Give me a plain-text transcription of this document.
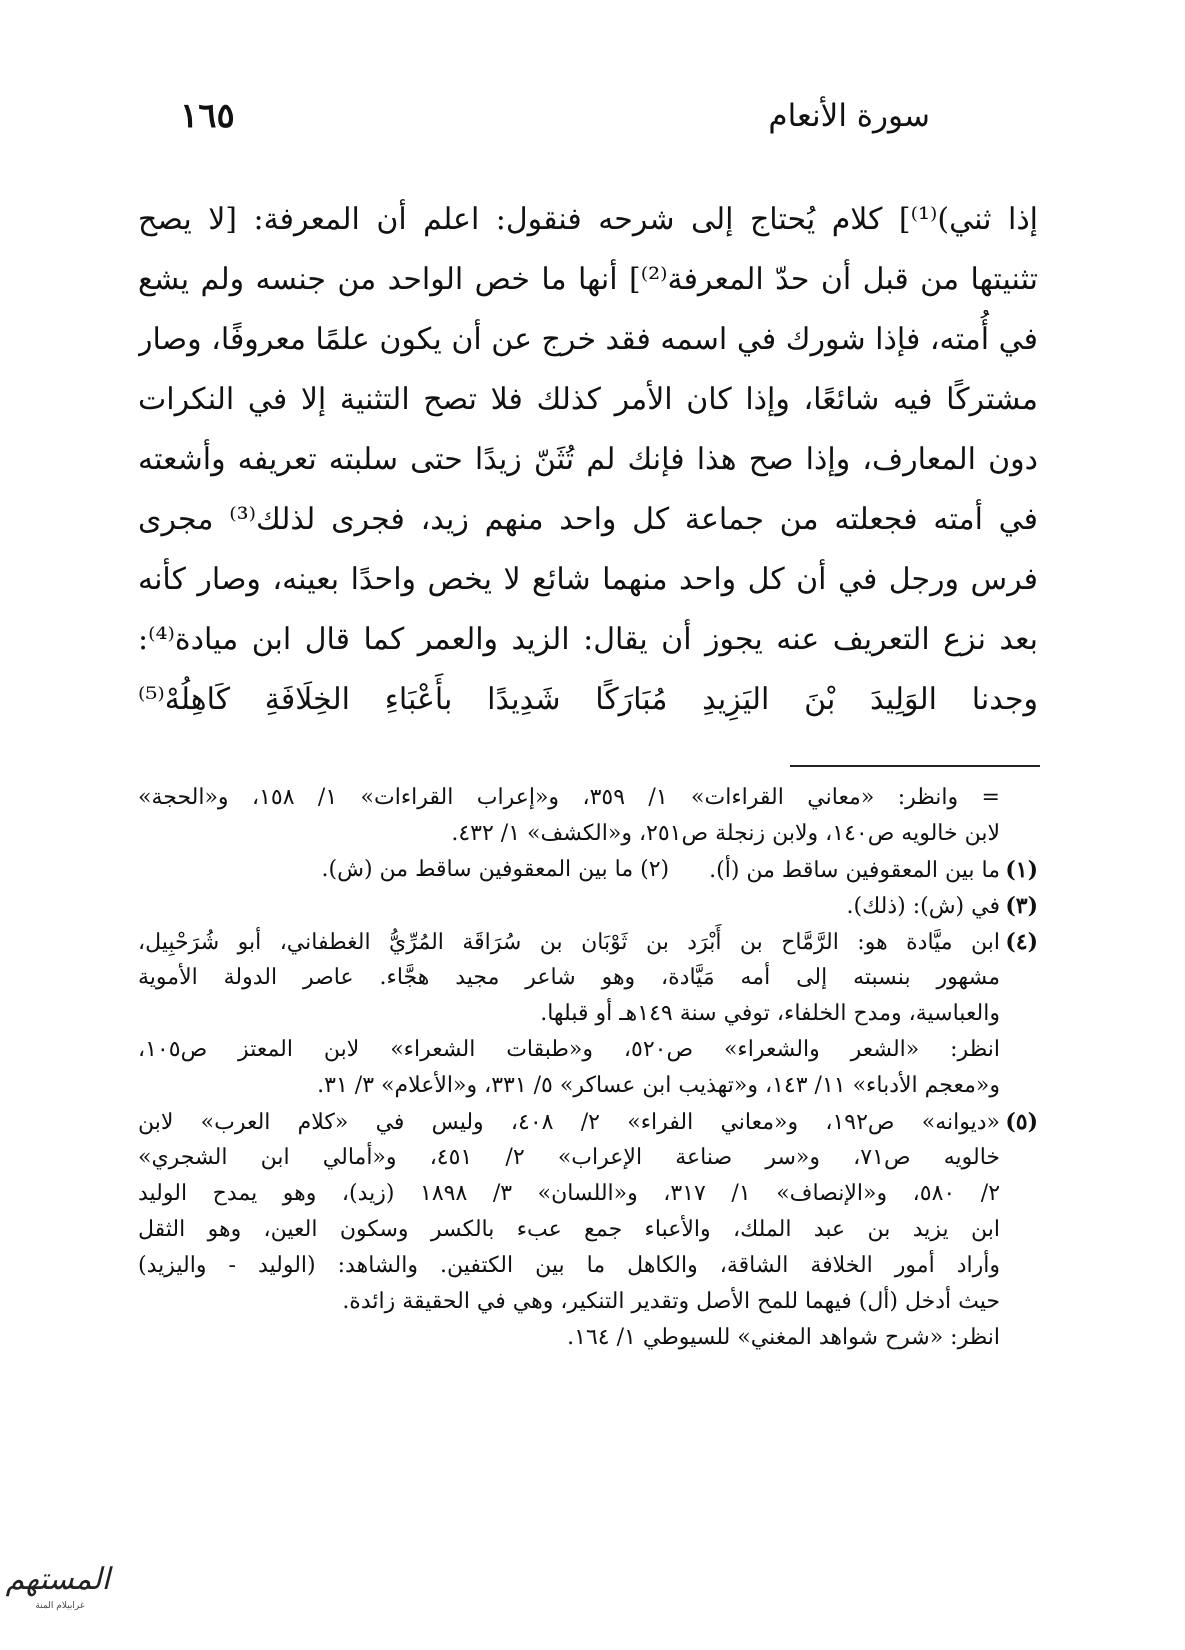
سورة الأنعام
١٦٥
إذا ثني)⁽¹⁾] كلام يُحتاج إلى شرحه فنقول: اعلم أن المعرفة: [لا يصح
تثنيتها من قبل أن حدّ المعرفة⁽²⁾] أنها ما خص الواحد من جنسه ولم يشع
في أُمته، فإذا شورك في اسمه فقد خرج عن أن يكون علمًا معروفًا، وصار
مشتركًا فيه شائعًا، وإذا كان الأمر كذلك فلا تصح التثنية إلا في النكرات
دون المعارف، وإذا صح هذا فإنك لم تُثَنّ زيدًا حتى سلبته تعريفه وأشعته
في أمته فجعلته من جماعة كل واحد منهم زيد، فجرى لذلك⁽³⁾ مجرى
فرس ورجل في أن كل واحد منهما شائع لا يخص واحدًا بعينه، وصار كأنه
بعد نزع التعريف عنه يجوز أن يقال: الزيد والعمر كما قال ابن ميادة⁽⁴⁾:
وجدنا الوَلِيدَ بْنَ اليَزِيدِ مُبَارَكًا شَدِيدًا بأَعْبَاءِ الخِلَافَةِ كَاهِلُهْ⁽⁵⁾
= وانظر: «معاني القراءات» ١/ ٣٥٩، و«إعراب القراءات» ١/ ١٥٨، و«الحجة»
لابن خالويه ص١٤٠، ولابن زنجلة ص٢٥١، و«الكشف» ١/ ٤٣٢.
(١)ما بين المعقوفين ساقط من (أ).
(٢) ما بين المعقوفين ساقط من (ش).
(٣)في (ش): (ذلك).
(٤)ابن ميَّادة هو: الرَّمَّاح بن أَبْرَد بن ثَوْبَان بن سُرَاقَة المُرِّيُّ الغطفاني، أبو شُرَحْبِيل،
مشهور بنسبته إلى أمه مَيَّادة، وهو شاعر مجيد هجَّاء. عاصر الدولة الأموية
والعباسية، ومدح الخلفاء، توفي سنة ١٤٩هـ أو قبلها.
انظر: «الشعر والشعراء» ص٥٢٠، و«طبقات الشعراء» لابن المعتز ص١٠٥،
و«معجم الأدباء» ١١/ ١٤٣، و«تهذيب ابن عساكر» ٥/ ٣٣١، و«الأعلام» ٣/ ٣١.
(٥)«ديوانه» ص١٩٢، و«معاني الفراء» ٢/ ٤٠٨، وليس في «كلام العرب» لابن
خالويه ص٧١، و«سر صناعة الإعراب» ٢/ ٤٥١، و«أمالي ابن الشجري»
٢/ ٥٨٠، و«الإنصاف» ١/ ٣١٧، و«اللسان» ٣/ ١٨٩٨ (زيد)، وهو يمدح الوليد
ابن يزيد بن عبد الملك، والأعباء جمع عبء بالكسر وسكون العين، وهو الثقل
وأراد أمور الخلافة الشاقة، والكاهل ما بين الكتفين. والشاهد: (الوليد - واليزيد)
حيث أدخل (أل) فيهما للمح الأصل وتقدير التنكير، وهي في الحقيقة زائدة.
انظر: «شرح شواهد المغني» للسيوطي ١/ ١٦٤.
المستهم
غرابيلام المنة
